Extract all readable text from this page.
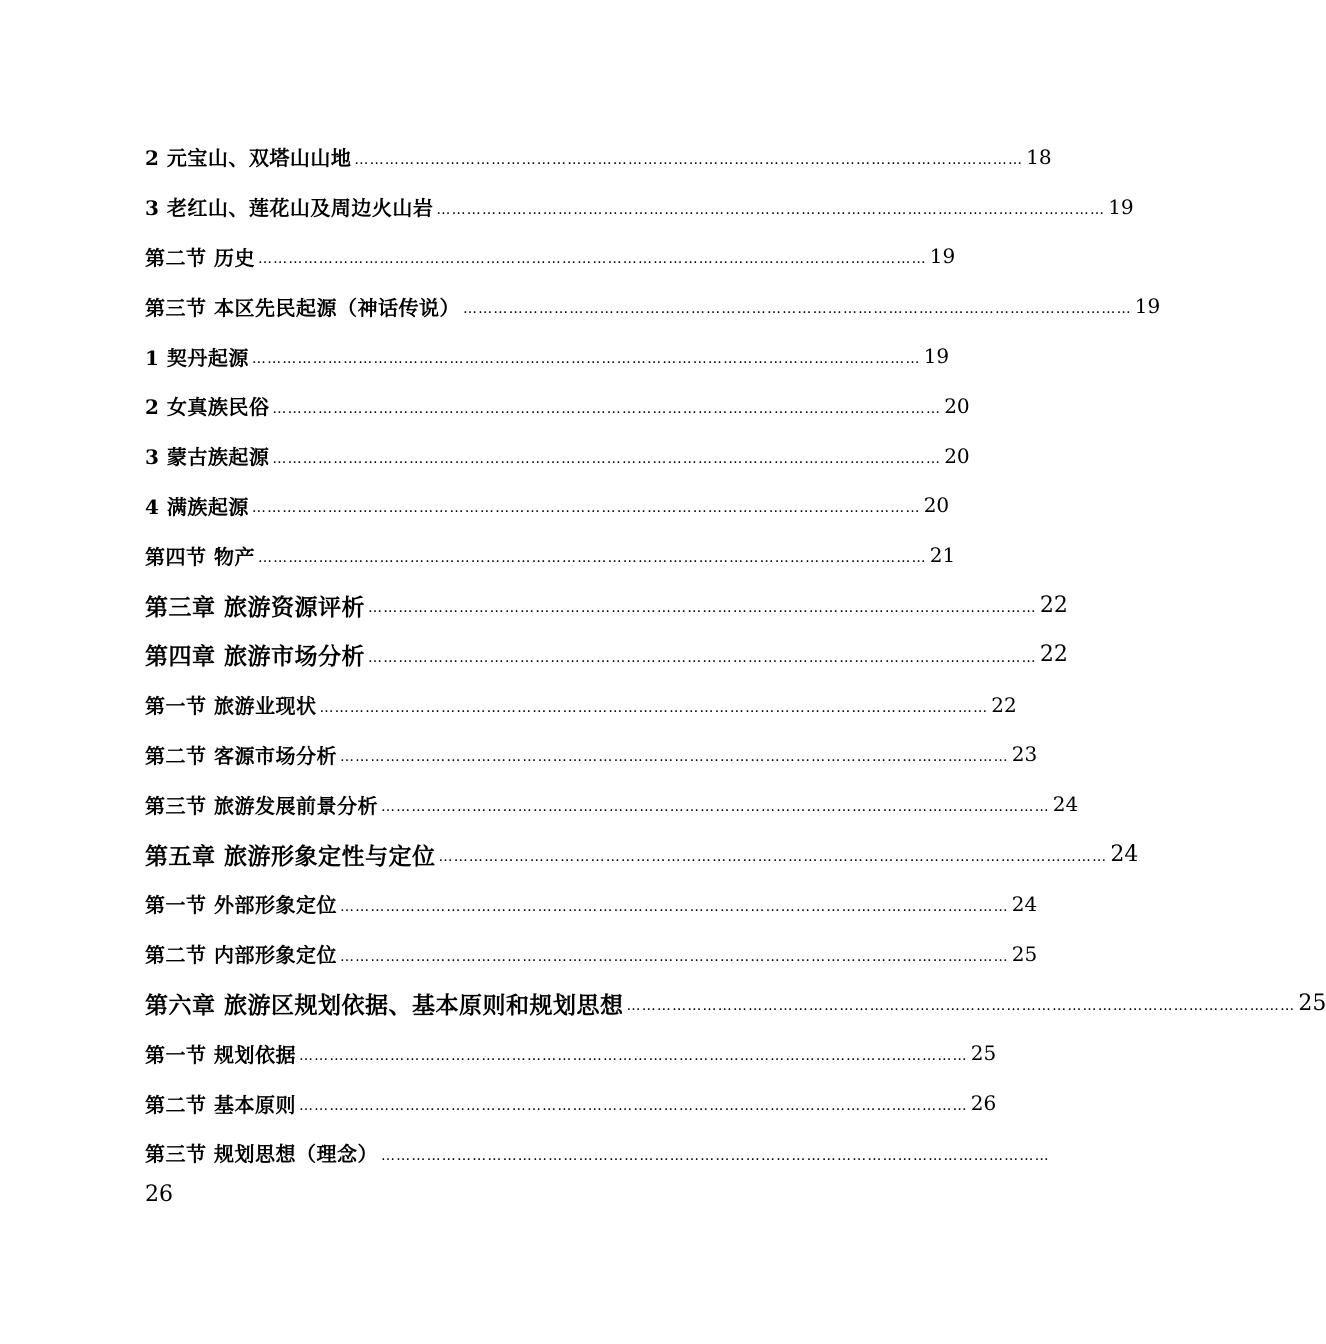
2 元宝山、双塔山山地 …………………………………………………………………………………………………………………… 18
3 老红山、莲花山及周边火山岩 …………………………………………………………………………………………………………………… 19
第二节 历史 …………………………………………………………………………………………………………………… 19
第三节 本区先民起源（神话传说） …………………………………………………………………………………………………………………… 19
1 契丹起源 …………………………………………………………………………………………………………………… 19
2 女真族民俗 …………………………………………………………………………………………………………………… 20
3 蒙古族起源 …………………………………………………………………………………………………………………… 20
4 满族起源 …………………………………………………………………………………………………………………… 20
第四节 物产 …………………………………………………………………………………………………………………… 21
第三章 旅游资源评析 …………………………………………………………………………………………………………………… 22
第四章 旅游市场分析 …………………………………………………………………………………………………………………… 22
第一节 旅游业现状 …………………………………………………………………………………………………………………… 22
第二节 客源市场分析 …………………………………………………………………………………………………………………… 23
第三节 旅游发展前景分析 …………………………………………………………………………………………………………………… 24
第五章 旅游形象定性与定位 …………………………………………………………………………………………………………………… 24
第一节 外部形象定位 …………………………………………………………………………………………………………………… 24
第二节 内部形象定位 …………………………………………………………………………………………………………………… 25
第六章 旅游区规划依据、基本原则和规划思想 …………………………………………………………………………………………………………………… 25
第一节 规划依据 …………………………………………………………………………………………………………………… 25
第二节 基本原则 …………………………………………………………………………………………………………………… 26
第三节 规划思想（理念） ……………………………………………………………………………………………………………………
26
